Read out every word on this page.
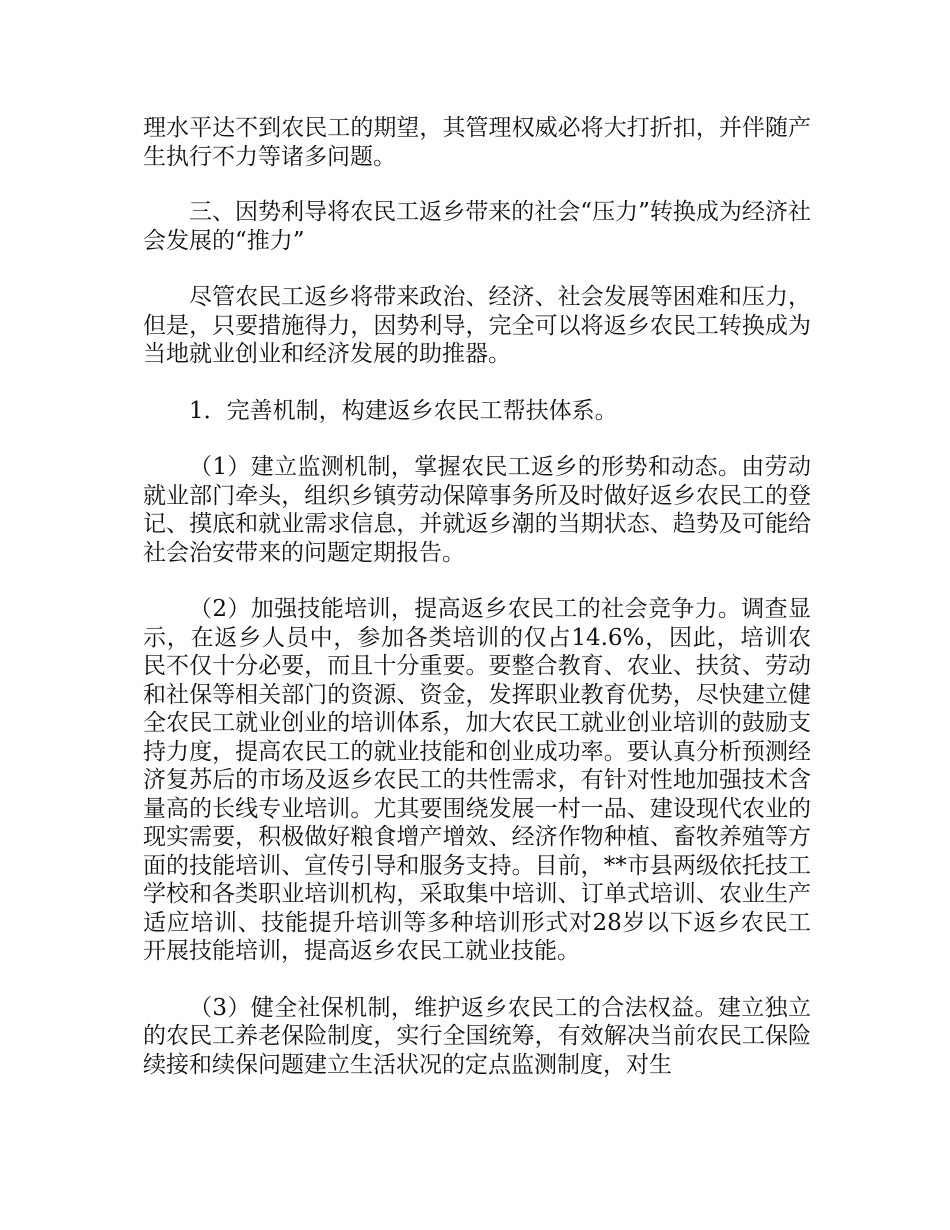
理水平达不到农民工的期望，其管理权威必将大打折扣，并伴随产生执行不力等诸多问题。

三、因势利导将农民工返乡带来的社会“压力”转换成为经济社会发展的“推力”

尽管农民工返乡将带来政治、经济、社会发展等困难和压力，但是，只要措施得力，因势利导，完全可以将返乡农民工转换成为当地就业创业和经济发展的助推器。

1．完善机制，构建返乡农民工帮扶体系。

（1）建立监测机制，掌握农民工返乡的形势和动态。由劳动就业部门牵头，组织乡镇劳动保障事务所及时做好返乡农民工的登记、摸底和就业需求信息，并就返乡潮的当期状态、趋势及可能给社会治安带来的问题定期报告。

（2）加强技能培训，提高返乡农民工的社会竞争力。调查显示，在返乡人员中，参加各类培训的仅占14.6%，因此，培训农民不仅十分必要，而且十分重要。要整合教育、农业、扶贫、劳动和社保等相关部门的资源、资金，发挥职业教育优势，尽快建立健全农民工就业创业的培训体系，加大农民工就业创业培训的鼓励支持力度，提高农民工的就业技能和创业成功率。要认真分析预测经济复苏后的市场及返乡农民工的共性需求，有针对性地加强技术含量高的长线专业培训。尤其要围绕发展一村一品、建设现代农业的现实需要，积极做好粮食增产增效、经济作物种植、畜牧养殖等方面的技能培训、宣传引导和服务支持。目前，**市县两级依托技工学校和各类职业培训机构，采取集中培训、订单式培训、农业生产适应培训、技能提升培训等多种培训形式对28岁以下返乡农民工开展技能培训，提高返乡农民工就业技能。

（3）健全社保机制，维护返乡农民工的合法权益。建立独立的农民工养老保险制度，实行全国统筹，有效解决当前农民工保险续接和续保问题建立生活状况的定点监测制度，对生
